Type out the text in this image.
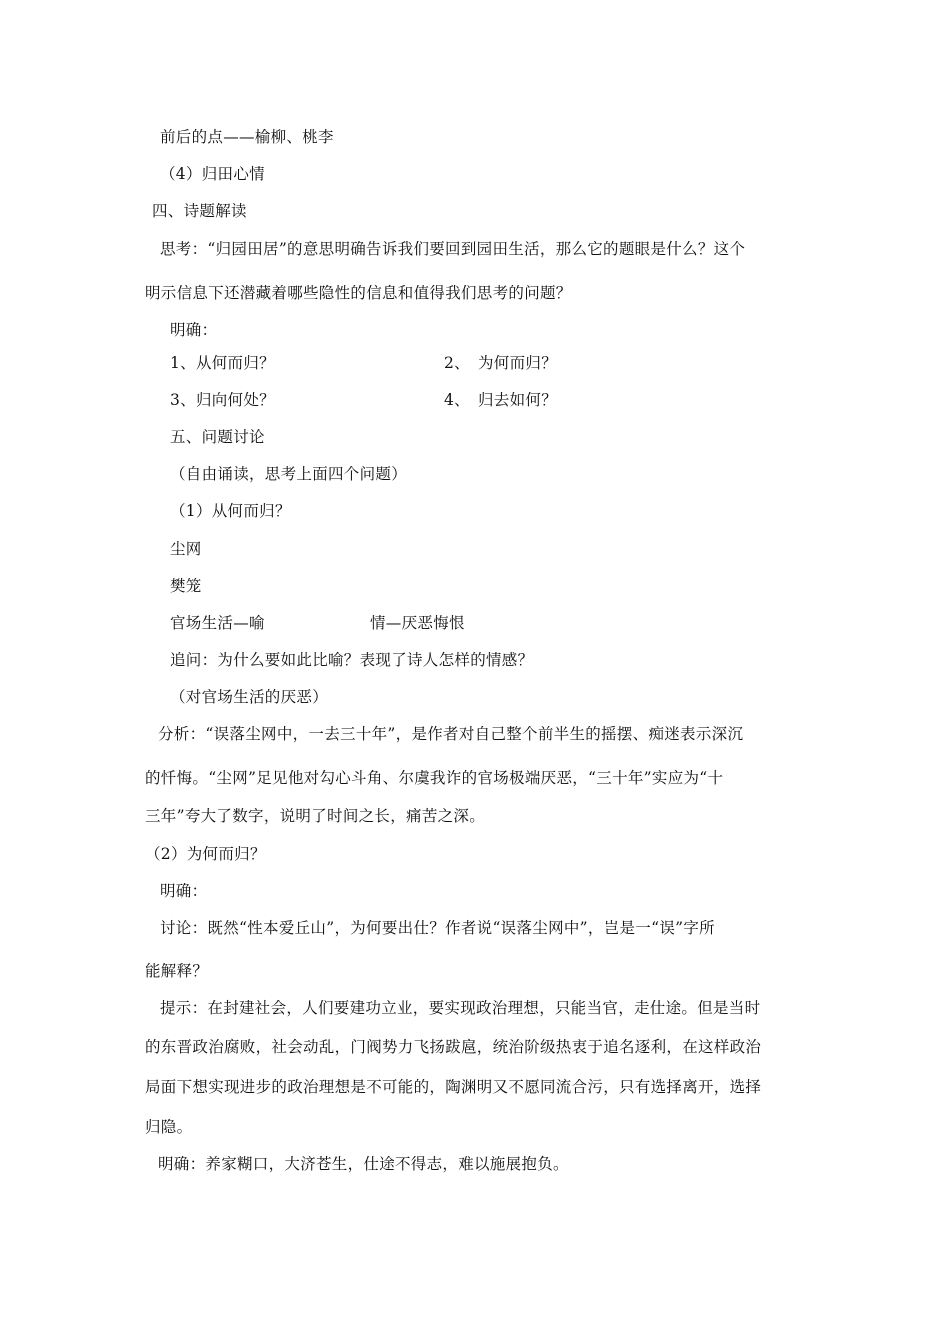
前后的点——榆柳、桃李
（4）归田心情
四、诗题解读
思考：“归园田居”的意思明确告诉我们要回到园田生活，那么它的题眼是什么？这个
明示信息下还潜藏着哪些隐性的信息和值得我们思考的问题？
明确：
1、从何而归？	2、　为何而归？
3、归向何处？	4、　归去如何？
五、问题讨论
（自由诵读，思考上面四个问题）
（1）从何而归？
尘网
樊笼
官场生活—喻	情—厌恶悔恨
追问：为什么要如此比喻？表现了诗人怎样的情感？
（对官场生活的厌恶）
分析：“误落尘网中，一去三十年”，是作者对自己整个前半生的摇摆、痴迷表示深沉
的忏悔。“尘网”足见他对勾心斗角、尔虞我诈的官场极端厌恶，“三十年”实应为“十
三年”夸大了数字，说明了时间之长，痛苦之深。
（2）为何而归？
明确：
讨论：既然“性本爱丘山”，为何要出仕？作者说“误落尘网中”，岂是一“误”字所
能解释？
提示：在封建社会，人们要建功立业，要实现政治理想，只能当官，走仕途。但是当时
的东晋政治腐败，社会动乱，门阀势力飞扬跋扈，统治阶级热衷于追名逐利，在这样政治
局面下想实现进步的政治理想是不可能的，陶渊明又不愿同流合污，只有选择离开，选择
归隐。
明确：养家糊口，大济苍生，仕途不得志，难以施展抱负。
